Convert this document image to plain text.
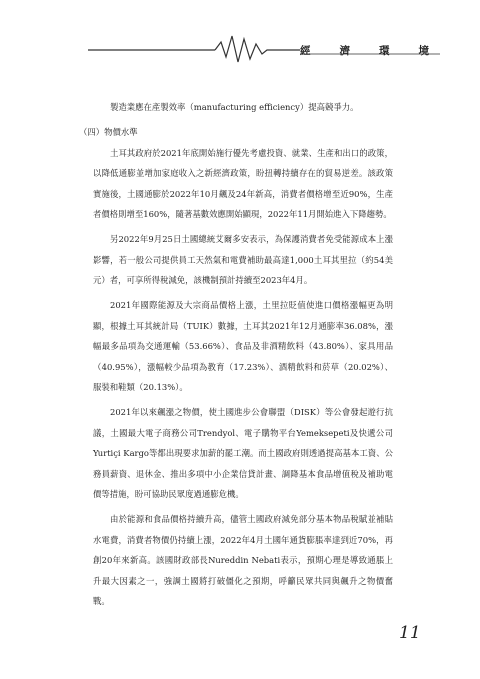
經	濟	環	境

製造業應在產製效率（manufacturing efficiency）提高競爭力。

（四）物價水準

土耳其政府於2021年底開始施行優先考慮投資、就業、生產和出口的政策，以降低通膨並增加家庭收入之新經濟政策，盼扭轉持續存在的貿易逆差。該政策實施後，土國通膨於2022年10月飆及24年新高，消費者價格增至近90%，生產者價格則增至160%，隨著基數效應開始顯現，2022年11月開始進入下降趨勢。

另2022年9月25日土國總統艾爾多安表示，為保護消費者免受能源成本上漲影響，若一般公司提供員工天然氣和電費補助最高達1,000土耳其里拉（約54美元）者，可享所得稅減免，該機制預計持續至2023年4月。

2021年國際能源及大宗商品價格上漲，土里拉貶值使進口價格漲幅更為明顯，根據土耳其統計局（TUIK）數據，土耳其2021年12月通膨率36.08%，漲幅最多品項為交通運輸（53.66%）、食品及非酒精飲料（43.80%）、家具用品（40.95%），漲幅較少品項為教育（17.23%）、酒精飲料和菸草（20.02%）、服裝和鞋類（20.13%）。

2021年以來飆漲之物價，使土國進步公會聯盟（DISK）等公會發起遊行抗議，土國最大電子商務公司Trendyol、電子購物平台Yemeksepeti及快遞公司Yurtiçi Kargo等都出現要求加薪的罷工潮。而土國政府則透過提高基本工資、公務員薪資、退休金、推出多項中小企業信貸計畫、調降基本食品增值稅及補助電價等措施，盼可協助民眾度過通膨危機。

由於能源和食品價格持續升高，儘管土國政府減免部分基本物品稅賦並補貼水電費，消費者物價仍持續上漲，2022年4月土國年通貨膨脹率達到近70%，再創20年來新高。該國財政部長Nureddin Nebati表示，預期心理是導致通脹上升最大因素之一，強調土國將打破僵化之預期，呼籲民眾共同與飆升之物價奮戰。

11
